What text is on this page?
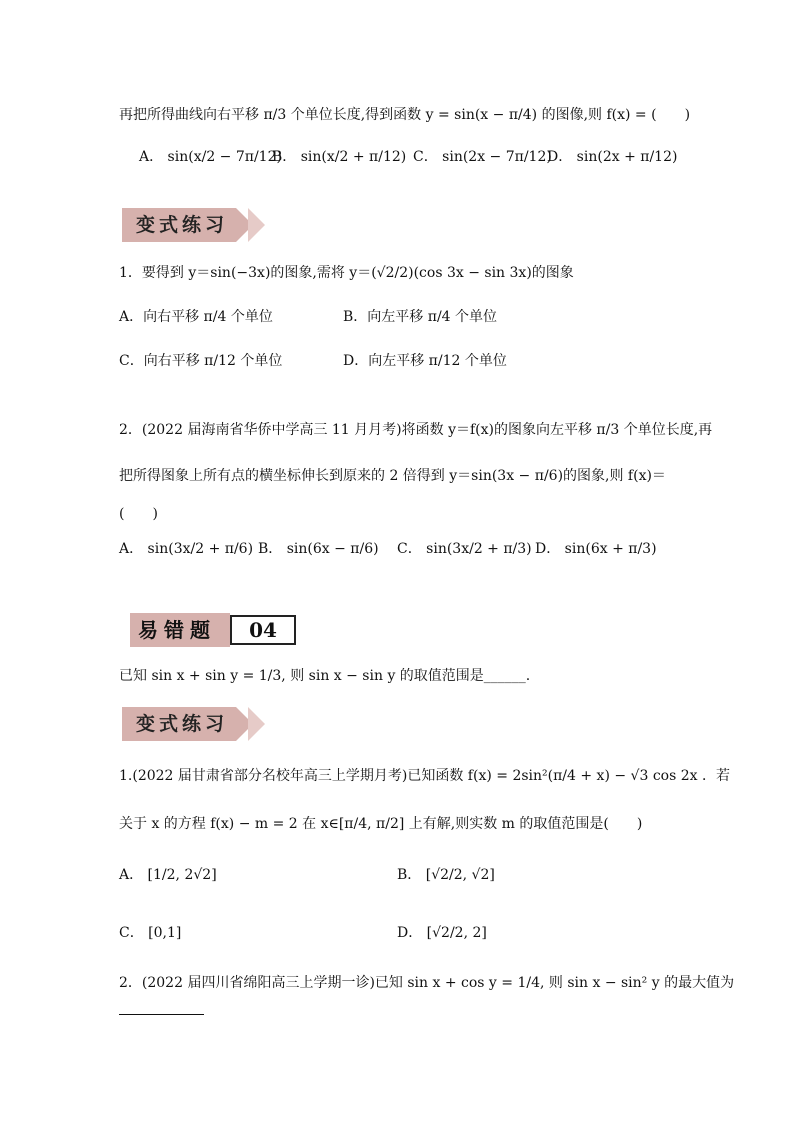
再把所得曲线向右平移 π/3 个单位长度,得到函数 y = sin(x − π/4) 的图像,则 f(x) = (　　)
A． sin(x/2 − 7π/12)
B． sin(x/2 + π/12) C． sin(2x − 7π/12)
D． sin(2x + π/12)
变式练习
1．要得到 y＝sin(−3x)的图象,需将 y＝(√2/2)(cos 3x − sin 3x)的图象
A．向右平移 π/4 个单位	B．向左平移 π/4 个单位
C．向右平移 π/12 个单位	D．向左平移 π/12 个单位
2．(2022 届海南省华侨中学高三 11 月月考)将函数 y＝f(x)的图象向左平移 π/3 个单位长度,再
把所得图象上所有点的横坐标伸长到原来的 2 倍得到 y＝sin(3x − π/6)的图象,则 f(x)＝
(　　)
A． sin(3x/2 + π/6) B． sin(6x − π/6) C． sin(3x/2 + π/3) D． sin(6x + π/3)
易错题	04
已知 sin x + sin y = 1/3, 则 sin x − sin y 的取值范围是______.
变式练习
1.(2022 届甘肃省部分名校年高三上学期月考)已知函数 f(x) = 2sin²(π/4 + x) − √3 cos 2x ．若
关于 x 的方程 f(x) − m = 2 在 x∈[π/4, π/2] 上有解,则实数 m 的取值范围是(　　)
A． [1/2, 2√2]	B． [√2/2, √2]
C． [0,1]	D． [√2/2, 2]
2．(2022 届四川省绵阳高三上学期一诊)已知 sin x + cos y = 1/4, 则 sin x − sin² y 的最大值为
